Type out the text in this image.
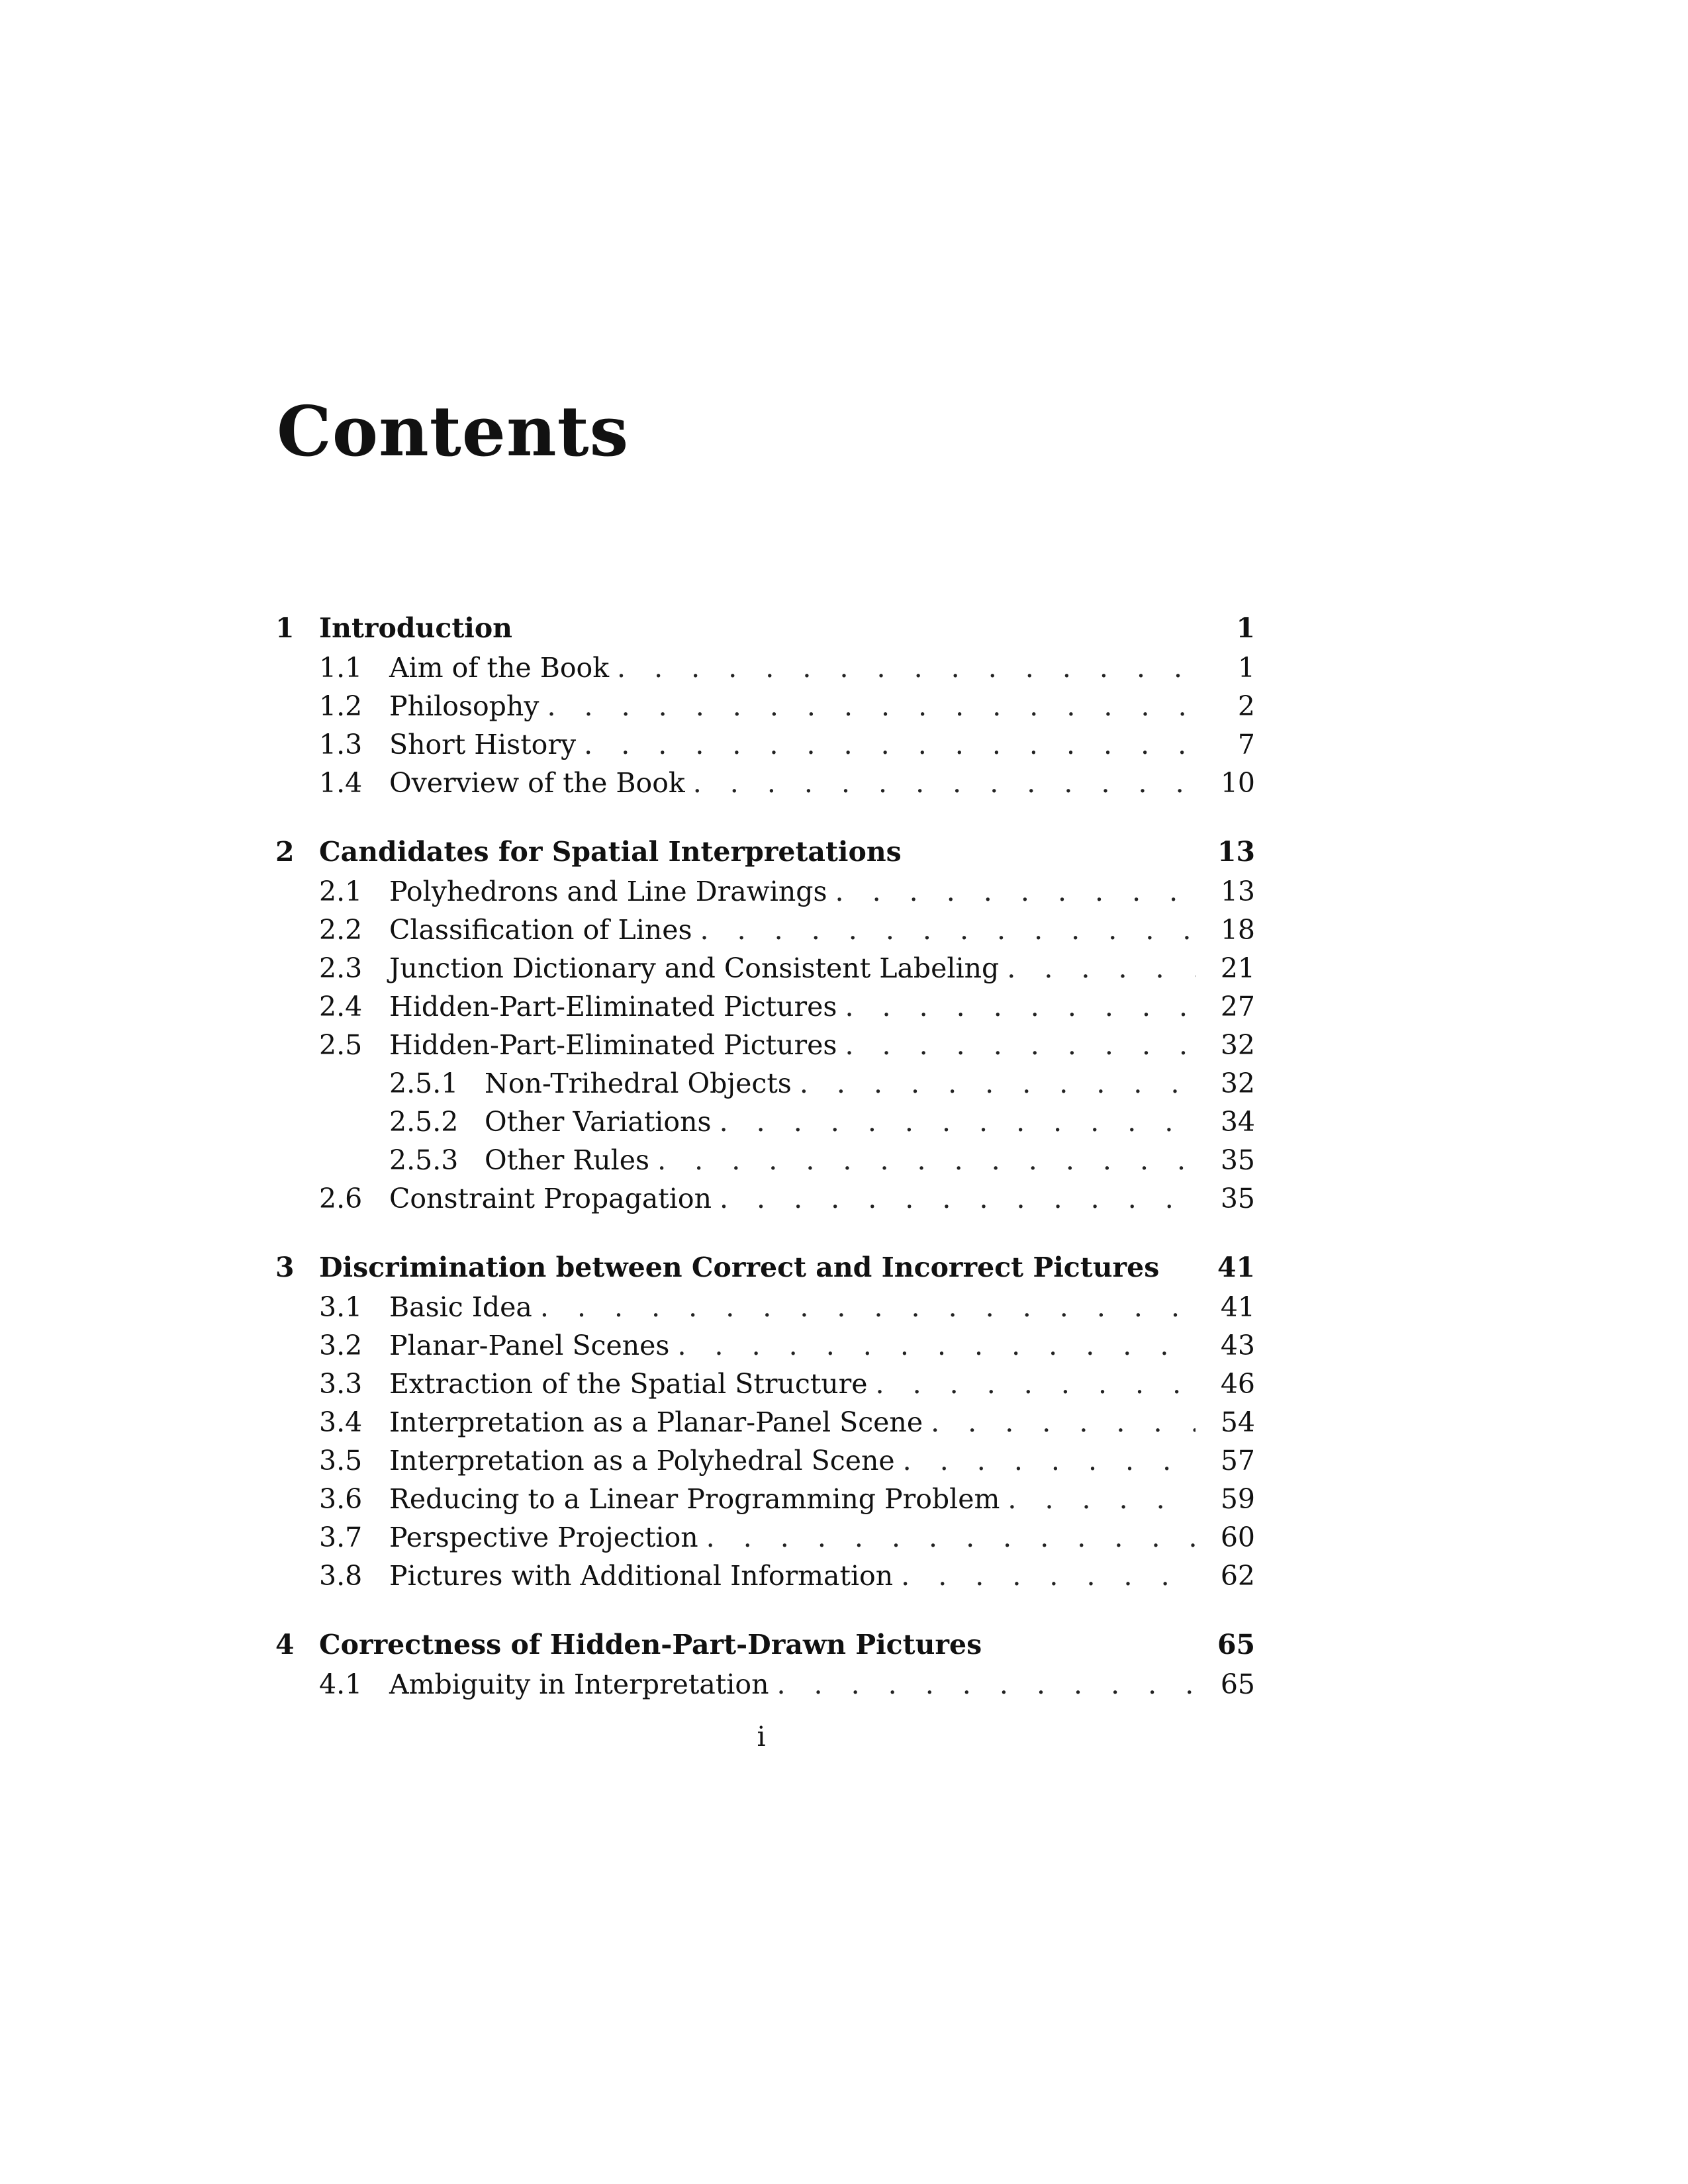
Contents
1 Introduction	1
1.1 Aim of the Book . . .	1
1.2 Philosophy . . .	2
1.3 Short History . . .	7
1.4 Overview of the Book . . .	10
2 Candidates for Spatial Interpretations	13
2.1 Polyhedrons and Line Drawings . . .	13
2.2 Classification of Lines . . .	18
2.3 Junction Dictionary and Consistent Labeling . . .	21
2.4 Hidden-Part-Eliminated Pictures . . .	27
2.5 Hidden-Part-Eliminated Pictures . . .	32
2.5.1 Non-Trihedral Objects . . .	32
2.5.2 Other Variations . . .	34
2.5.3 Other Rules . . .	35
2.6 Constraint Propagation . . .	35
3 Discrimination between Correct and Incorrect Pictures 41
3.1 Basic Idea . . .	41
3.2 Planar-Panel Scenes . . .	43
3.3 Extraction of the Spatial Structure . . .	46
3.4 Interpretation as a Planar-Panel Scene . . .	54
3.5 Interpretation as a Polyhedral Scene . . .	57
3.6 Reducing to a Linear Programming Problem . . .	59
3.7 Perspective Projection . . .	60
3.8 Pictures with Additional Information . . .	62
4 Correctness of Hidden-Part-Drawn Pictures	65
4.1 Ambiguity in Interpretation . . .	65
i
